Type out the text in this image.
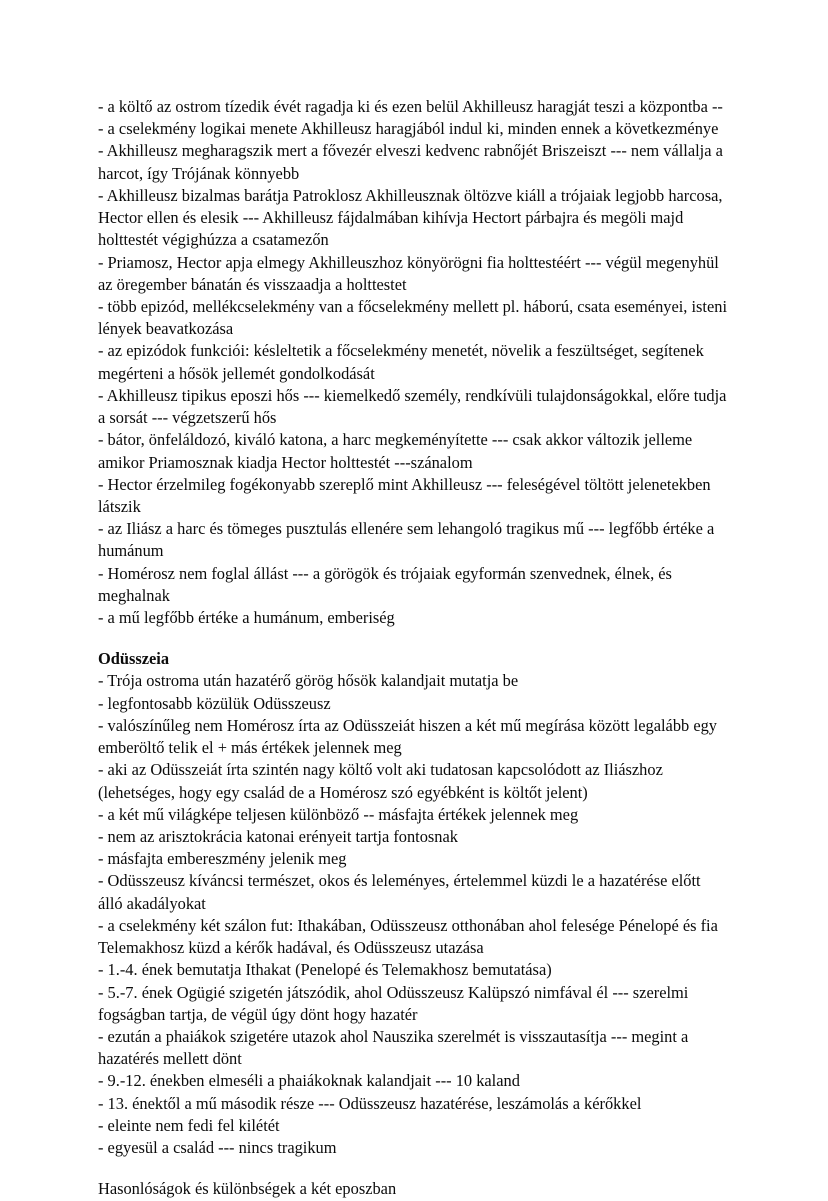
- a költő az ostrom tízedik évét ragadja ki és ezen belül Akhilleusz haragját teszi a központba --- a cselekmény logikai menete Akhilleusz haragjából indul ki, minden ennek a következménye

- Akhilleusz megharagszik mert a fővezér elveszi kedvenc rabnőjét Briszeiszt --- nem vállalja a harcot, így Trójának könnyebb

- Akhilleusz bizalmas barátja Patroklosz Akhilleusznak öltözve kiáll a trójaiak legjobb harcosa, Hector ellen és elesik --- Akhilleusz fájdalmában kihívja Hectort párbajra és megöli majd holttestét végighúzza a csatamezőn

- Priamosz, Hector apja elmegy Akhilleuszhoz könyörögni fia holttestéért --- végül megenyhül az öregember bánatán és visszaadja a holttestet

- több epizód, mellékcselekmény van a főcselekmény mellett pl. háború, csata eseményei, isteni lények beavatkozása

- az epizódok funkciói: késleltetik a főcselekmény menetét, növelik a feszültséget, segítenek megérteni a hősök jellemét gondolkodását

- Akhilleusz tipikus eposzi hős --- kiemelkedő személy, rendkívüli tulajdonságokkal, előre tudja a sorsát --- végzetszerű hős

- bátor, önfeláldozó, kiváló katona, a harc megkeményítette --- csak akkor változik jelleme amikor Priamosznak kiadja Hector holttestét ---szánalom

- Hector érzelmileg fogékonyabb szereplő mint Akhilleusz --- feleségével töltött jelenetekben látszik

- az Iliász a harc és tömeges pusztulás ellenére sem lehangoló tragikus mű --- legfőbb értéke a humánum

- Homérosz nem foglal állást --- a görögök és trójaiak egyformán szenvednek, élnek, és meghalnak

- a mű legfőbb értéke a humánum, emberiség

Odüsszeia

- Trója ostroma után hazatérő görög hősök kalandjait mutatja be

- legfontosabb közülük Odüsszeusz

- valószínűleg nem Homérosz írta az Odüsszeiát hiszen a két mű megírása között legalább egy emberöltő telik el + más értékek jelennek meg

- aki az Odüsszeiát írta szintén nagy költő volt aki tudatosan kapcsolódott az Iliászhoz (lehetséges, hogy egy család de a Homérosz szó egyébként is költőt jelent)

- a két mű világképe teljesen különböző -- másfajta értékek jelennek meg

- nem az arisztokrácia katonai erényeit tartja fontosnak

- másfajta embereszmény jelenik meg

- Odüsszeusz kíváncsi természet, okos és leleményes, értelemmel küzdi le a hazatérése előtt álló akadályokat

- a cselekmény két szálon fut: Ithakában, Odüsszeusz otthonában ahol felesége Pénelopé és fia Telemakhosz küzd a kérők hadával, és Odüsszeusz utazása

- 1.-4. ének bemutatja Ithakat (Penelopé és Telemakhosz bemutatása)

- 5.-7. ének Ogügié szigetén játszódik, ahol Odüsszeusz Kalüpszó nimfával él --- szerelmi fogságban tartja, de végül úgy dönt hogy hazatér

- ezután a phaiákok szigetére utazok ahol Nauszika szerelmét is visszautasítja --- megint a hazatérés mellett dönt

- 9.-12. énekben elmeséli a phaiákoknak kalandjait --- 10 kaland

- 13. énektől a mű második része --- Odüsszeusz hazatérése, leszámolás a kérőkkel

- eleinte nem fedi fel kilétét

- egyesül a család --- nincs tragikum

Hasonlóságok és különbségek a két eposzban
